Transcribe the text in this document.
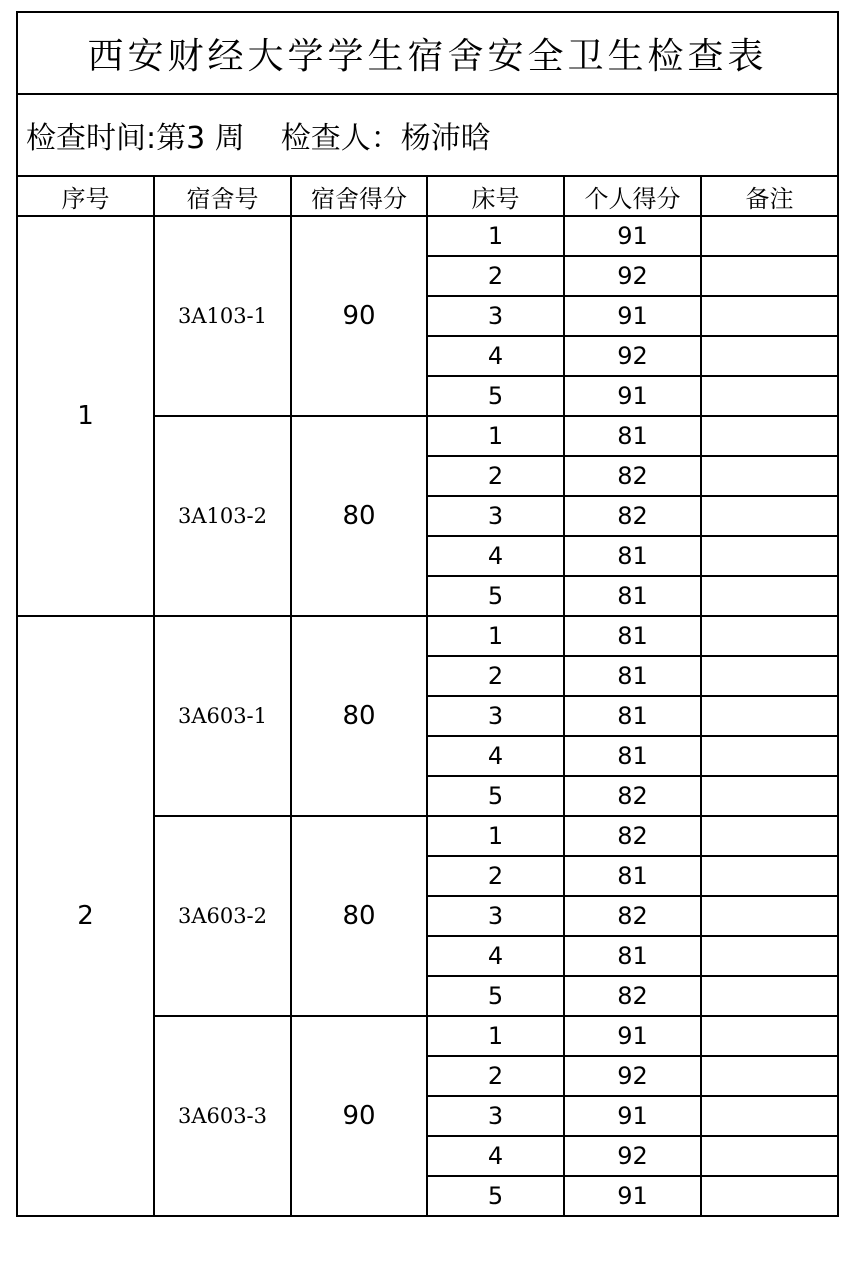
西安财经大学学生宿舍安全卫生检查表					
检查时间:第3 周 检查人：杨沛晗					
序号	宿舍号	宿舍得分	床号	个人得分	备注
1	3A103-1	90	1	91	
			2	92	
			3	91	
			4	92	
			5	91	
	3A103-2	80	1	81	
			2	82	
			3	82	
			4	81	
			5	81	
2	3A603-1	80	1	81	
			2	81	
			3	81	
			4	81	
			5	82	
	3A603-2	80	1	82	
			2	81	
			3	82	
			4	81	
			5	82	
	3A603-3	90	1	91	
			2	92	
			3	91	
			4	92	
			5	91	
